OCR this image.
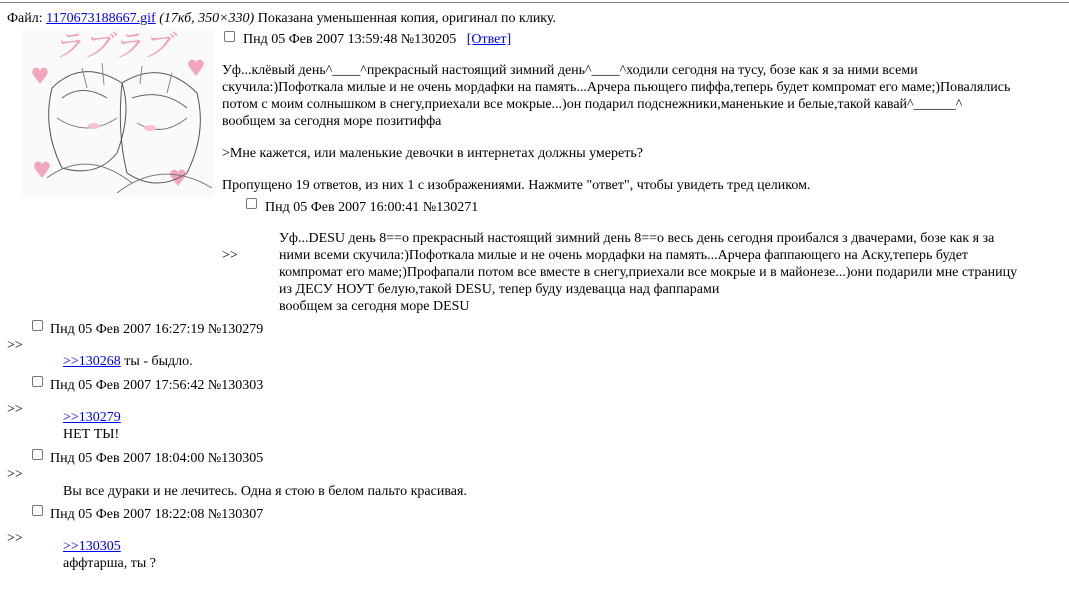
Файл: 1170673188667.gif (17кб, 350×330) Показана уменьшенная копия, оригинал по клику.
ラブラブ	Пнд 05 Фев 2007 13:59:48 №130205 [Ответ]

Уф...клёвый день^____^прекрасный настоящий зимний день^____^ходили сегодня на тусу, бозе как я за ними всеми

скучила:)Пофоткала милые и не очень мордафки на память...Арчера пьющего пиффа,теперь будет компромат его маме;)Повалялись

потом с моим солнышком в снегу,приехали все мокрые...)он подарил подснежники,маненькие и белые,такой кавай^______^

вообщем за сегодня море позитиффа

>Мне кажется, или маленькие девочки в интернетах должны умереть?
Пропущено 19 ответов, из них 1 с изображениями. Нажмите "ответ", чтобы увидеть тред целиком.
Пнд 05 Фев 2007 16:00:41 №130271
>>

Уф...DESU день 8==о прекрасный настоящий зимний день 8==о весь день сегодня проибался з двачерами, бозе как я за

ними всеми скучила:)Пофоткала милые и не очень мордафки на память...Арчера фаппающего на Аску,теперь будет

компромат его маме;)Профапали потом все вместе в снегу,приехали все мокрые и в майонезе...)они подарили мне страницу

из ДЕСУ НОУТ белую,такой DESU, тепер буду издевацца над фаппарами

вообщем за сегодня море DESU

Пнд 05 Фев 2007 16:27:19 №130279
>>
>>130268 ты - быдло.
Пнд 05 Фев 2007 17:56:42 №130303
>>
>>130279
НЕТ ТЫ!
Пнд 05 Фев 2007 18:04:00 №130305
>>
Вы все дураки и не лечитесь. Одна я стою в белом пальто красивая.
Пнд 05 Фев 2007 18:22:08 №130307
>>
>>130305
аффтарша, ты ?
